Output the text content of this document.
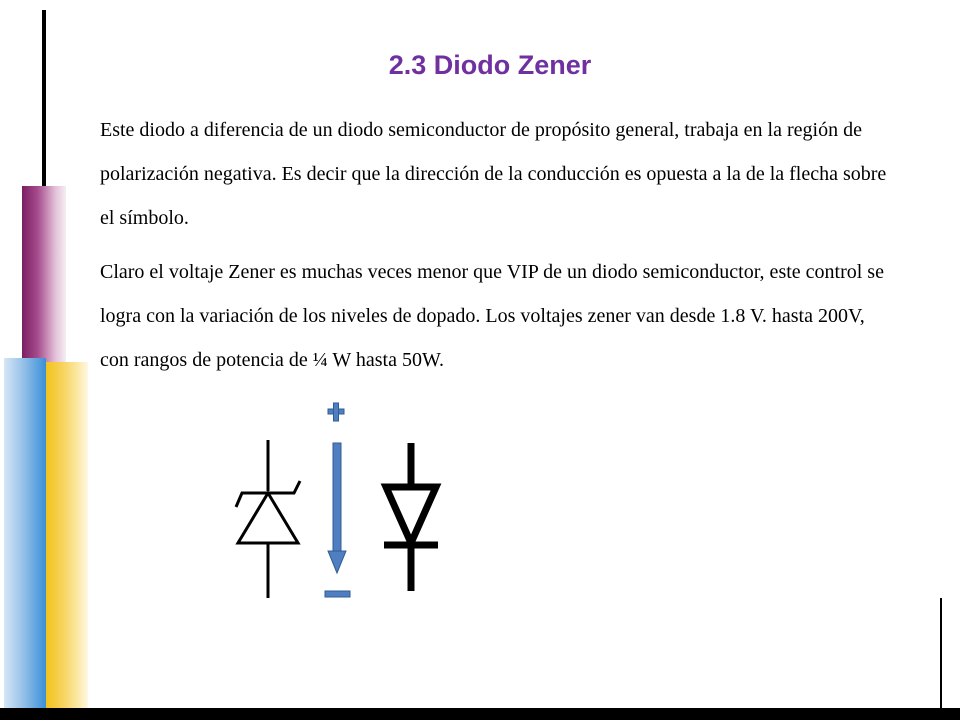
2.3 Diodo Zener

Este diodo a diferencia de un diodo semiconductor de propósito general, trabaja en la región de polarización negativa. Es decir que la dirección de la conducción es opuesta a la de la flecha sobre el símbolo.

Claro el voltaje Zener es muchas veces menor que VIP de un diodo semiconductor, este control se logra con la variación de los niveles de dopado. Los voltajes zener van desde 1.8 V. hasta 200V, con rangos de potencia de ¼ W hasta 50W.
